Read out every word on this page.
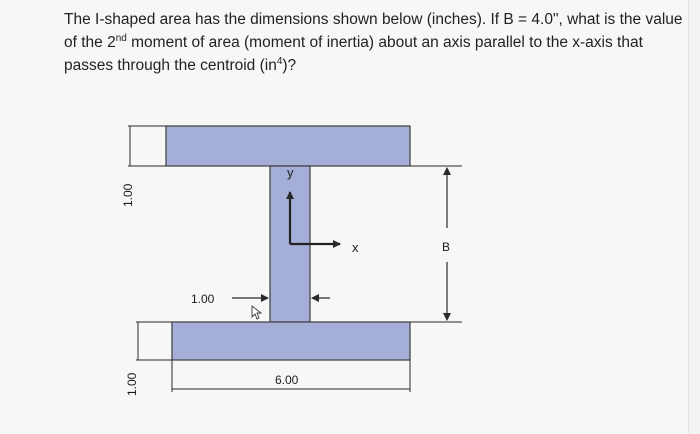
The I-shaped area has the dimensions shown below (inches). If B = 4.0", what is the value

of the 2nd moment of area (moment of inertia) about an axis parallel to the x-axis that

passes through the centroid $(in^4)$?

1.00
1.00
1.00
6.00
B
y
x
